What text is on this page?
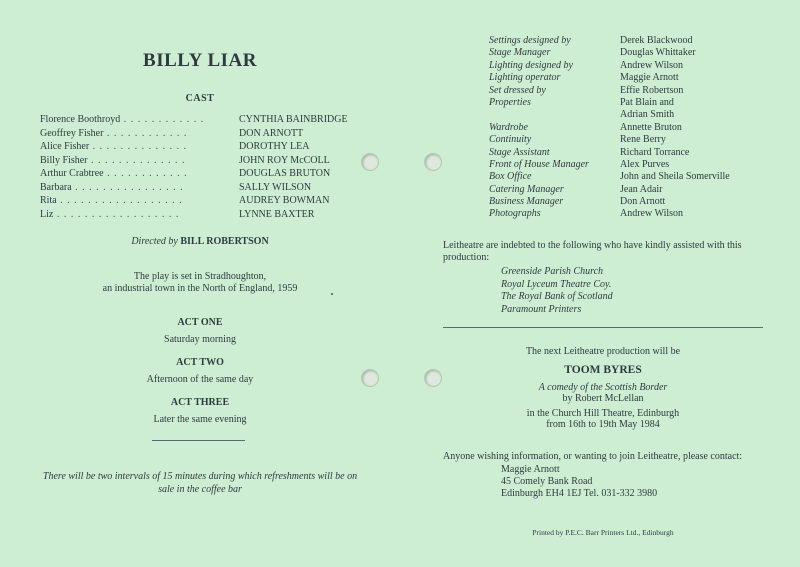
BILLY LIAR
CAST
Florence Boothroyd . . . . . . . . . . . .	CYNTHIA BAINBRIDGE
Geoffrey Fisher . . . . . . . . . . . .	DON ARNOTT
Alice Fisher . . . . . . . . . . . . . .	DOROTHY LEA
Billy Fisher . . . . . . . . . . . . . .	JOHN ROY McCOLL
Arthur Crabtree . . . . . . . . . . . .	DOUGLAS BRUTON
Barbara . . . . . . . . . . . . . . . .	SALLY WILSON
Rita . . . . . . . . . . . . . . . . . .	AUDREY BOWMAN
Liz . . . . . . . . . . . . . . . . . .	LYNNE BAXTER
Directed by BILL ROBERTSON
The play is set in Stradhoughton,
an industrial town in the North of England, 1959
ACT ONE
Saturday morning
ACT TWO
Afternoon of the same day
ACT THREE
Later the same evening
There will be two intervals of 15 minutes during which refreshments will be on
sale in the coffee bar
Settings designed by	Derek Blackwood
Stage Manager	Douglas Whittaker
Lighting designed by	Andrew Wilson
Lighting operator	Maggie Arnott
Set dressed by	Effie Robertson
Properties	Pat Blain and
Adrian Smith
Wardrobe	Annette Bruton
Continuity	Rene Berry
Stage Assistant	Richard Torrance
Front of House Manager	Alex Purves
Box Office	John and Sheila Somerville
Catering Manager	Jean Adair
Business Manager	Don Arnott
Photographs	Andrew Wilson
Leitheatre are indebted to the following who have kindly assisted with this
production:
Greenside Parish Church
Royal Lyceum Theatre Coy.
The Royal Bank of Scotland
Paramount Printers
The next Leitheatre production will be
TOOM BYRES
A comedy of the Scottish Border
by Robert McLellan
in the Church Hill Theatre, Edinburgh
from 16th to 19th May 1984
Anyone wishing information, or wanting to join Leitheatre, please contact:
Maggie Arnott
45 Comely Bank Road
Edinburgh EH4 1EJ Tel. 031-332 3980
Printed by P.E.C. Barr Printers Ltd., Edinburgh
